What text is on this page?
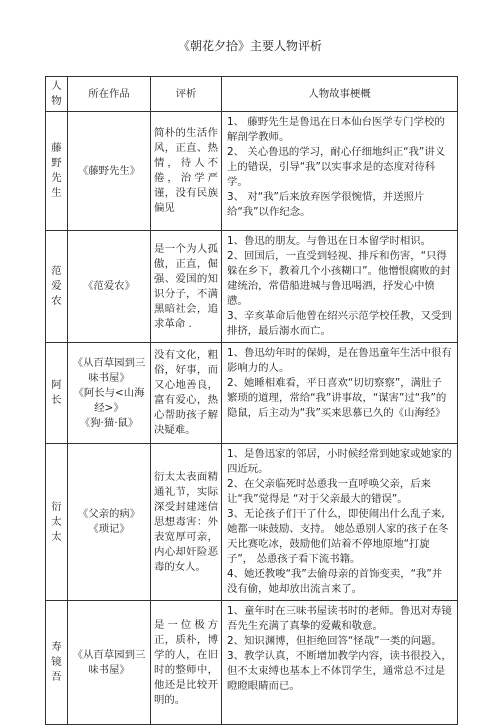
《朝花夕拾》主要人物评析
人物	所在作品	评析	人物故事梗概
藤野先生	《藤野先生》	简朴的生活作风，正直、热情，待人不倦，治学严谨，没有民族偏见	1、 藤野先生是鲁迅在日本仙台医学专门学校的解剖学教师。
2、 关心鲁迅的学习，耐心仔细地纠正“我”讲义上的错误，引导“我”以实事求是的态度对待科学。
3、 对“我”后来放弃医学很惋惜，并送照片给“我”以作纪念。

范爱农	《范爱农》	是一个为人孤傲，正直，倔强、爱国的知识分子，不满黑暗社会，追求革命 .	1、鲁迅的朋友。与鲁迅在日本留学时相识。
2、回国后，一直受到轻视、排斥和伤害，“只得躲在乡下，教着几个小孩糊口”。他憎恨腐败的封建统治，常借船进城与鲁迅喝酒，抒发心中愤懑。
3、辛亥革命后他曾在绍兴示范学校任教，又受到排挤，最后溺水而亡。

阿长	《从百草园到三味书屋》
《阿长与<山海经>》
《狗·猫·鼠》	没有文化，粗俗，好事，而又心地善良，富有爱心，热心帮助孩子解决疑难。	1、鲁迅幼年时的保姆，是在鲁迅童年生活中很有影响力的人。
2、她睡相难看，平日喜欢“切切察察”，满肚子繁琐的道理，常给“我”讲事故，“谋害”过“我”的隐鼠，后主动为“我”买来思慕已久的《山海经》

衍太太	《父亲的病》
《琐记》	衍太太表面精通礼节，实际深受封建迷信思想毒害：外表宽厚可亲，内心却奸险恶毒的女人。	1、是鲁迅家的邻居，小时候经常到她家或她家的四近玩。
2、在父亲临死时怂恿我一直呼唤父亲，后来让“我”觉得是 “对于父亲最大的错误”。
3、无论孩子们干了什么，即使闹出什么乱子来,她都一味鼓励、支持。 她怂恿别人家的孩子在冬天比赛吃冰，鼓励他们站着不停地原地“打旋子”， 怂恿孩子看下流书籍。
4、她还教唆“我”去偷母亲的首饰变卖，“我”并没有偷，她却放出流言来了。

寿镜吾	《从百草园到三味书屋》	是一位极方正，质朴，博学的人，在旧时的整师中，他还是比较开明的。	1、童年时在三味书屋读书时的老师。鲁迅对寿镜吾先生充满了真挚的爱戴和敬意。
2、知识渊博，但拒绝回答“怪哉”一类的问题。
3、教学认真，不断增加教学内容，读书很投入，但不太束缚也基本上不体罚学生，通常总不过是瞪瞪眼睛而已。
